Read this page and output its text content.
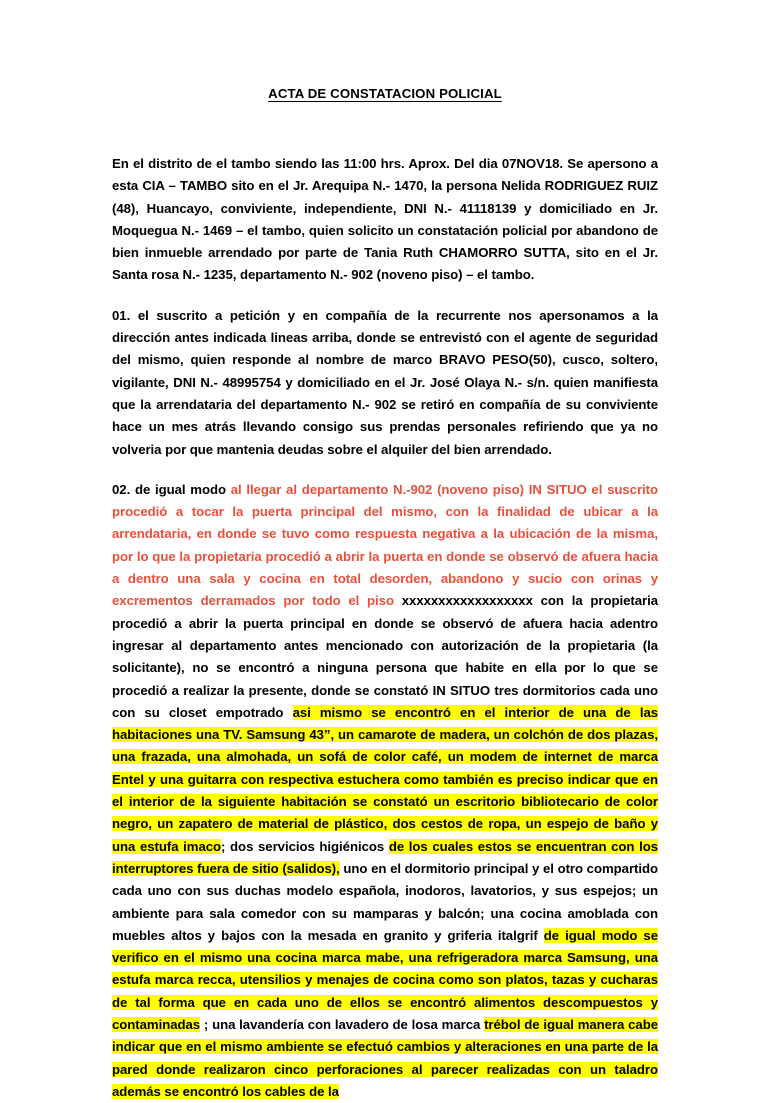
ACTA DE CONSTATACION POLICIAL

En el distrito de el tambo siendo las 11:00 hrs. Aprox. Del dia 07NOV18. Se apersono a esta CIA – TAMBO sito en el Jr. Arequipa N.- 1470, la persona Nelida RODRIGUEZ RUIZ (48), Huancayo, conviviente, independiente, DNI N.- 41118139 y domiciliado en Jr. Moquegua N.- 1469 – el tambo, quien solicito un constatación policial por abandono de bien inmueble arrendado por parte de Tania Ruth CHAMORRO SUTTA, sito en el Jr. Santa rosa N.- 1235, departamento N.- 902 (noveno piso) – el tambo.

01. el suscrito a petición y en compañía de la recurrente nos apersonamos a la dirección antes indicada lineas arriba, donde se entrevistó con el agente de seguridad del mismo, quien responde al nombre de marco BRAVO PESO(50), cusco, soltero, vigilante, DNI N.- 48995754 y domiciliado en el Jr. José Olaya N.- s/n. quien manifiesta que la arrendataria del departamento N.- 902 se retiró en compañía de su conviviente hace un mes atrás llevando consigo sus prendas personales refiriendo que ya no volveria por que mantenia deudas sobre el alquiler del bien arrendado.

02. de igual modo al llegar al departamento N.-902 (noveno piso) IN SITUO el suscrito procedió a tocar la puerta principal del mismo, con la finalidad de ubicar a la arrendataria, en donde se tuvo como respuesta negativa a la ubicación de la misma, por lo que la propietaria procedió a abrir la puerta en donde se observó de afuera hacia a dentro una sala y cocina en total desorden, abandono y sucio con orinas y excrementos derramados por todo el piso xxxxxxxxxxxxxxxxxx con la propietaria procedió a abrir la puerta principal en donde se observó de afuera hacia adentro ingresar al departamento antes mencionado con autorización de la propietaria (la solicitante), no se encontró a ninguna persona que habite en ella por lo que se procedió a realizar la presente, donde se constató IN SITUO tres dormitorios cada uno con su closet empotrado asi mismo se encontró en el interior de una de las habitaciones una TV. Samsung 43”, un camarote de madera, un colchón de dos plazas, una frazada, una almohada, un sofá de color café, un modem de internet de marca Entel y una guitarra con respectiva estuchera como también es preciso indicar que en el interior de la siguiente habitación se constató un escritorio bibliotecario de color negro, un zapatero de material de plástico, dos cestos de ropa, un espejo de baño y una estufa imaco; dos servicios higiénicos de los cuales estos se encuentran con los interruptores fuera de sitio (salidos), uno en el dormitorio principal y el otro compartido cada uno con sus duchas modelo española, inodoros, lavatorios, y sus espejos; un ambiente para sala comedor con su mamparas y balcón; una cocina amoblada con muebles altos y bajos con la mesada en granito y griferia italgrif de igual modo se verifico en el mismo una cocina marca mabe, una refrigeradora marca Samsung, una estufa marca recca, utensilios y menajes de cocina como son platos, tazas y cucharas de tal forma que en cada uno de ellos se encontró alimentos descompuestos y contaminadas ; una lavandería con lavadero de losa marca trébol de igual manera cabe indicar que en el mismo ambiente se efectuó cambios y alteraciones en una parte de la pared donde realizaron cinco perforaciones al parecer realizadas con un taladro además se encontró los cables de la
